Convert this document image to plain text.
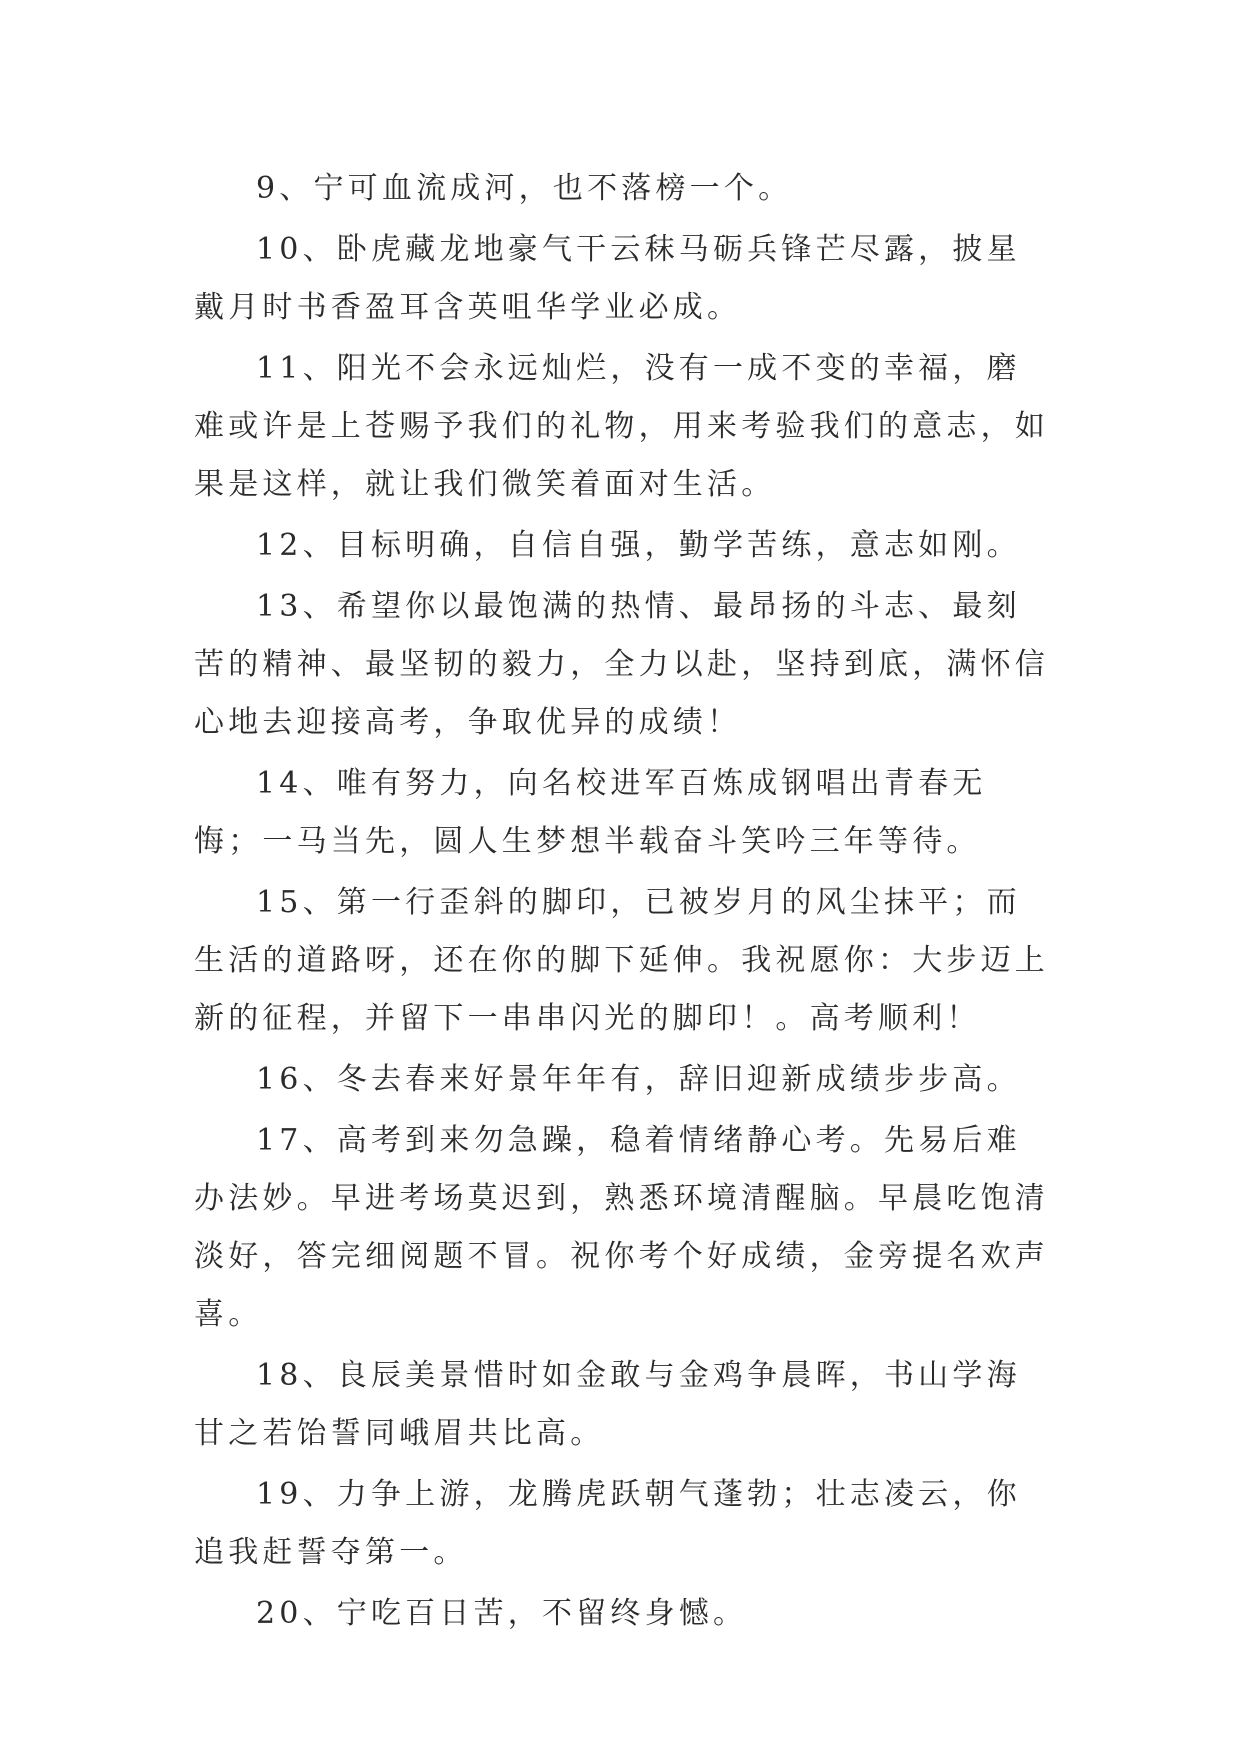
9、宁可血流成河，也不落榜一个。

10、卧虎藏龙地豪气干云秣马砺兵锋芒尽露，披星戴月时书香盈耳含英咀华学业必成。

11、阳光不会永远灿烂，没有一成不变的幸福，磨难或许是上苍赐予我们的礼物，用来考验我们的意志，如果是这样，就让我们微笑着面对生活。

12、目标明确，自信自强，勤学苦练，意志如刚。

13、希望你以最饱满的热情、最昂扬的斗志、最刻苦的精神、最坚韧的毅力，全力以赴，坚持到底，满怀信心地去迎接高考，争取优异的成绩！

14、唯有努力，向名校进军百炼成钢唱出青春无悔；一马当先，圆人生梦想半载奋斗笑吟三年等待。

15、第一行歪斜的脚印，已被岁月的风尘抹平；而生活的道路呀，还在你的脚下延伸。我祝愿你：大步迈上新的征程，并留下一串串闪光的脚印！。高考顺利！

16、冬去春来好景年年有，辞旧迎新成绩步步高。

17、高考到来勿急躁，稳着情绪静心考。先易后难办法妙。早进考场莫迟到，熟悉环境清醒脑。早晨吃饱清淡好，答完细阅题不冒。祝你考个好成绩，金旁提名欢声喜。

18、良辰美景惜时如金敢与金鸡争晨晖，书山学海甘之若饴誓同峨眉共比高。

19、力争上游，龙腾虎跃朝气蓬勃；壮志凌云，你追我赶誓夺第一。

20、宁吃百日苦，不留终身憾。
